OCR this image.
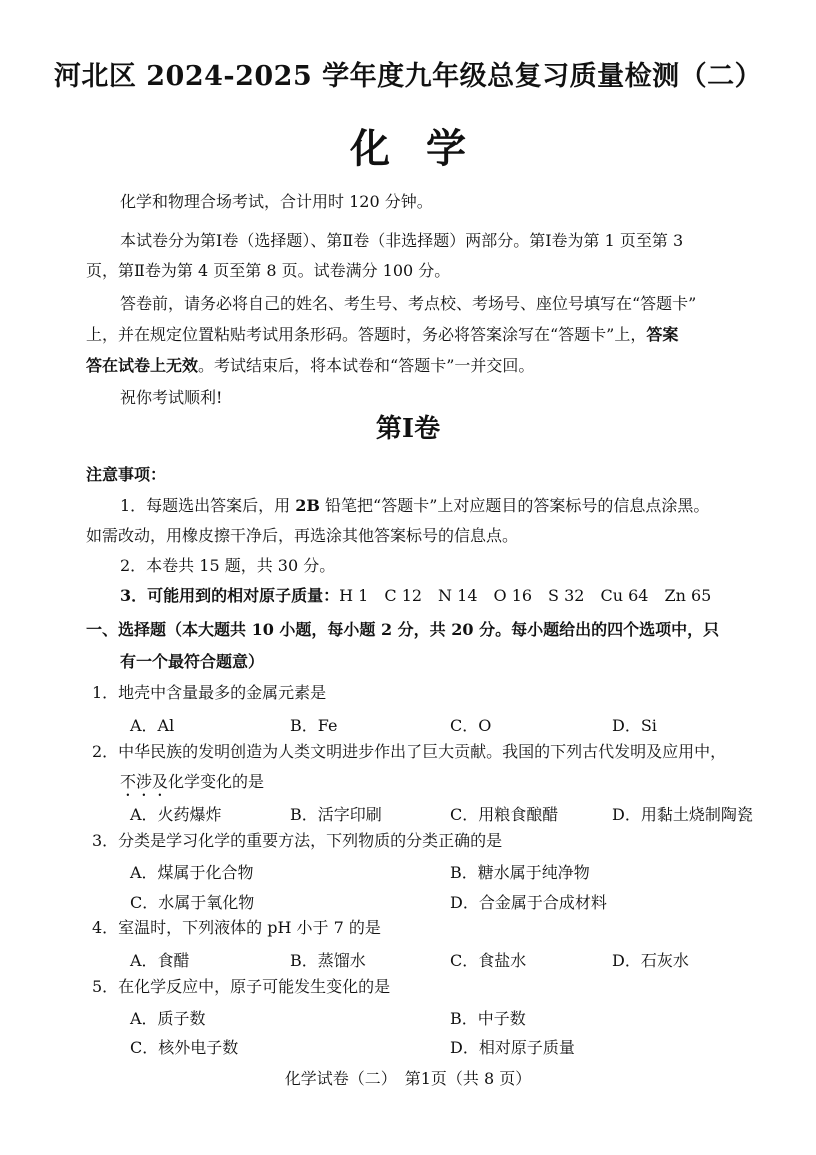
河北区 2024-2025 学年度九年级总复习质量检测（二）
化学
化学和物理合场考试，合计用时 120 分钟。
本试卷分为第Ⅰ卷（选择题）、第Ⅱ卷（非选择题）两部分。第Ⅰ卷为第 1 页至第 3
页，第Ⅱ卷为第 4 页至第 8 页。试卷满分 100 分。
答卷前，请务必将自己的姓名、考生号、考点校、考场号、座位号填写在“答题卡”
上，并在规定位置粘贴考试用条形码。答题时，务必将答案涂写在“答题卡”上，答案
答在试卷上无效。考试结束后，将本试卷和“答题卡”一并交回。
祝你考试顺利!
第Ⅰ卷
注意事项：
1．每题选出答案后，用 2B 铅笔把“答题卡”上对应题目的答案标号的信息点涂黑。
如需改动，用橡皮擦干净后，再选涂其他答案标号的信息点。
2．本卷共 15 题，共 30 分。
3．可能用到的相对原子质量：H 1　C 12　N 14　O 16　S 32　Cu 64　Zn 65
一、选择题（本大题共 10 小题，每小题 2 分，共 20 分。每小题给出的四个选项中，只
有一个最符合题意）
1．地壳中含量最多的金属元素是
A．Al	B．Fe	C．O	D．Si
2．中华民族的发明创造为人类文明进步作出了巨大贡献。我国的下列古代发明及应用中，
不涉及化学变化的是
A．火药爆炸	B．活字印刷	C．用粮食酿醋	D．用黏土烧制陶瓷
3．分类是学习化学的重要方法，下列物质的分类正确的是
A．煤属于化合物	B．糖水属于纯净物
C．水属于氧化物	D．合金属于合成材料
4．室温时，下列液体的 pH 小于 7 的是
A．食醋	B．蒸馏水	C．食盐水	D．石灰水
5．在化学反应中，原子可能发生变化的是
A．质子数	B．中子数
C．核外电子数	D．相对原子质量
化学试卷（二）　第1页（共 8 页）
